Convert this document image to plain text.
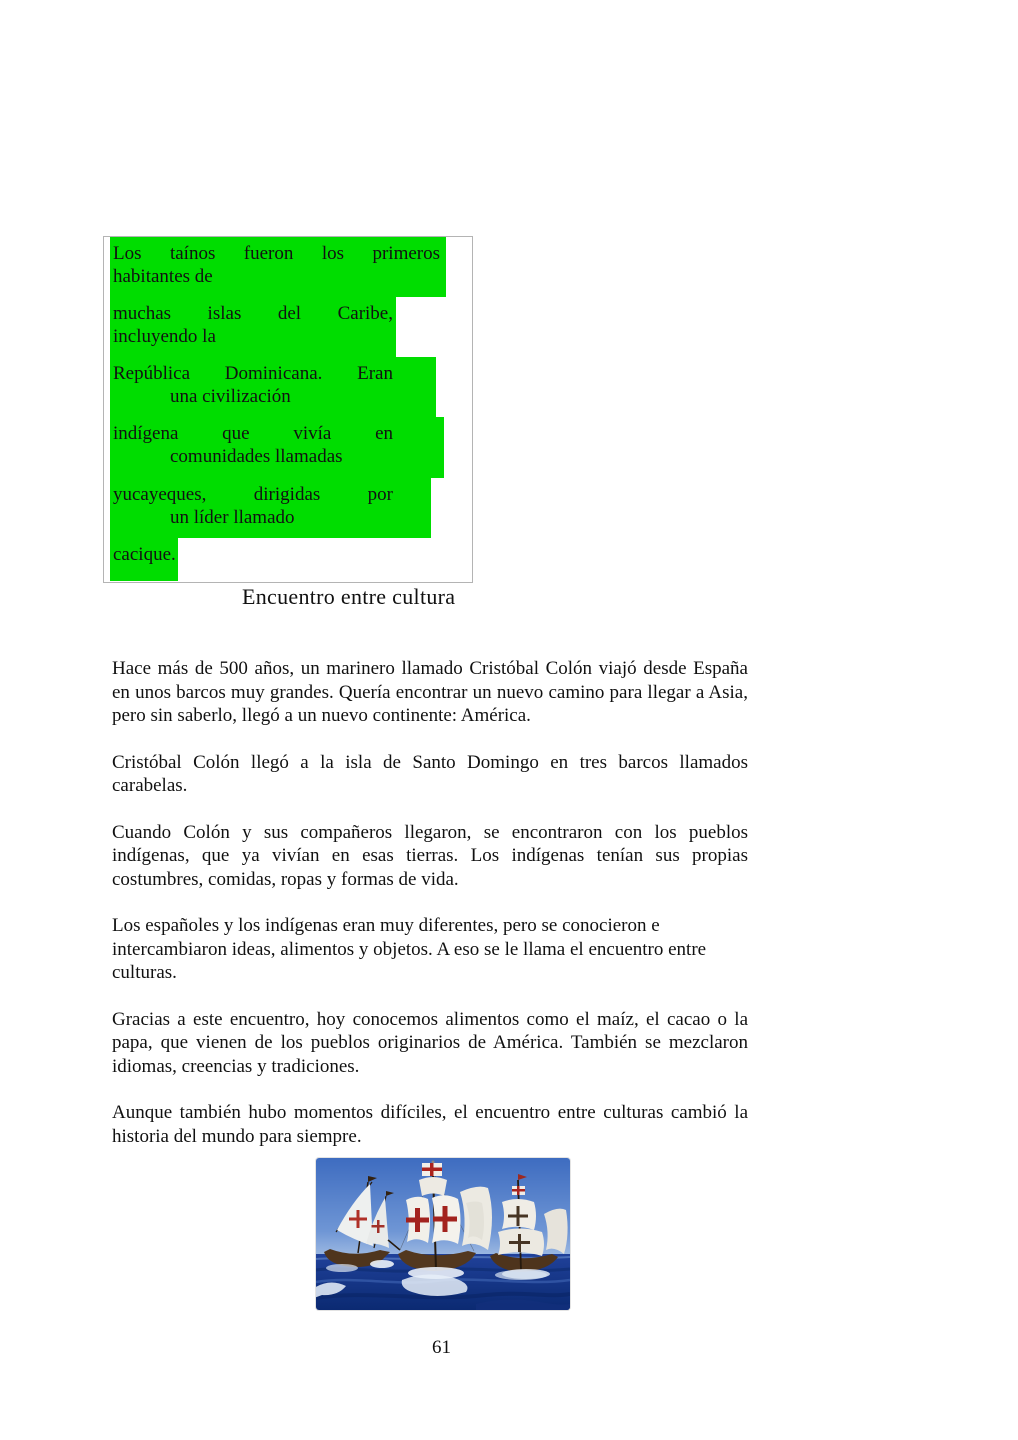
Los taínos fueron los primeros
habitantes de
muchas islas del Caribe,
incluyendo la
República Dominicana. Eran
una civilización
indígena que vivía en
comunidades llamadas
yucayeques, dirigidas por
un líder llamado
cacique.
Encuentro entre cultura

Hace más de 500 años, un marinero llamado Cristóbal Colón viajó desde España en unos barcos muy grandes. Quería encontrar un nuevo camino para llegar a Asia, pero sin saberlo, llegó a un nuevo continente: América.

Cristóbal Colón llegó a la isla de Santo Domingo en tres barcos llamados carabelas.

Cuando Colón y sus compañeros llegaron, se encontraron con los pueblos indígenas, que ya vivían en esas tierras. Los indígenas tenían sus propias costumbres, comidas, ropas y formas de vida.

Los españoles y los indígenas eran muy diferentes, pero se conocieron e intercambiaron ideas, alimentos y objetos. A eso se le llama el encuentro entre culturas.

Gracias a este encuentro, hoy conocemos alimentos como el maíz, el cacao o la papa, que vienen de los pueblos originarios de América. También se mezclaron idiomas, creencias y tradiciones.

Aunque también hubo momentos difíciles, el encuentro entre culturas cambió la historia del mundo para siempre.

61
